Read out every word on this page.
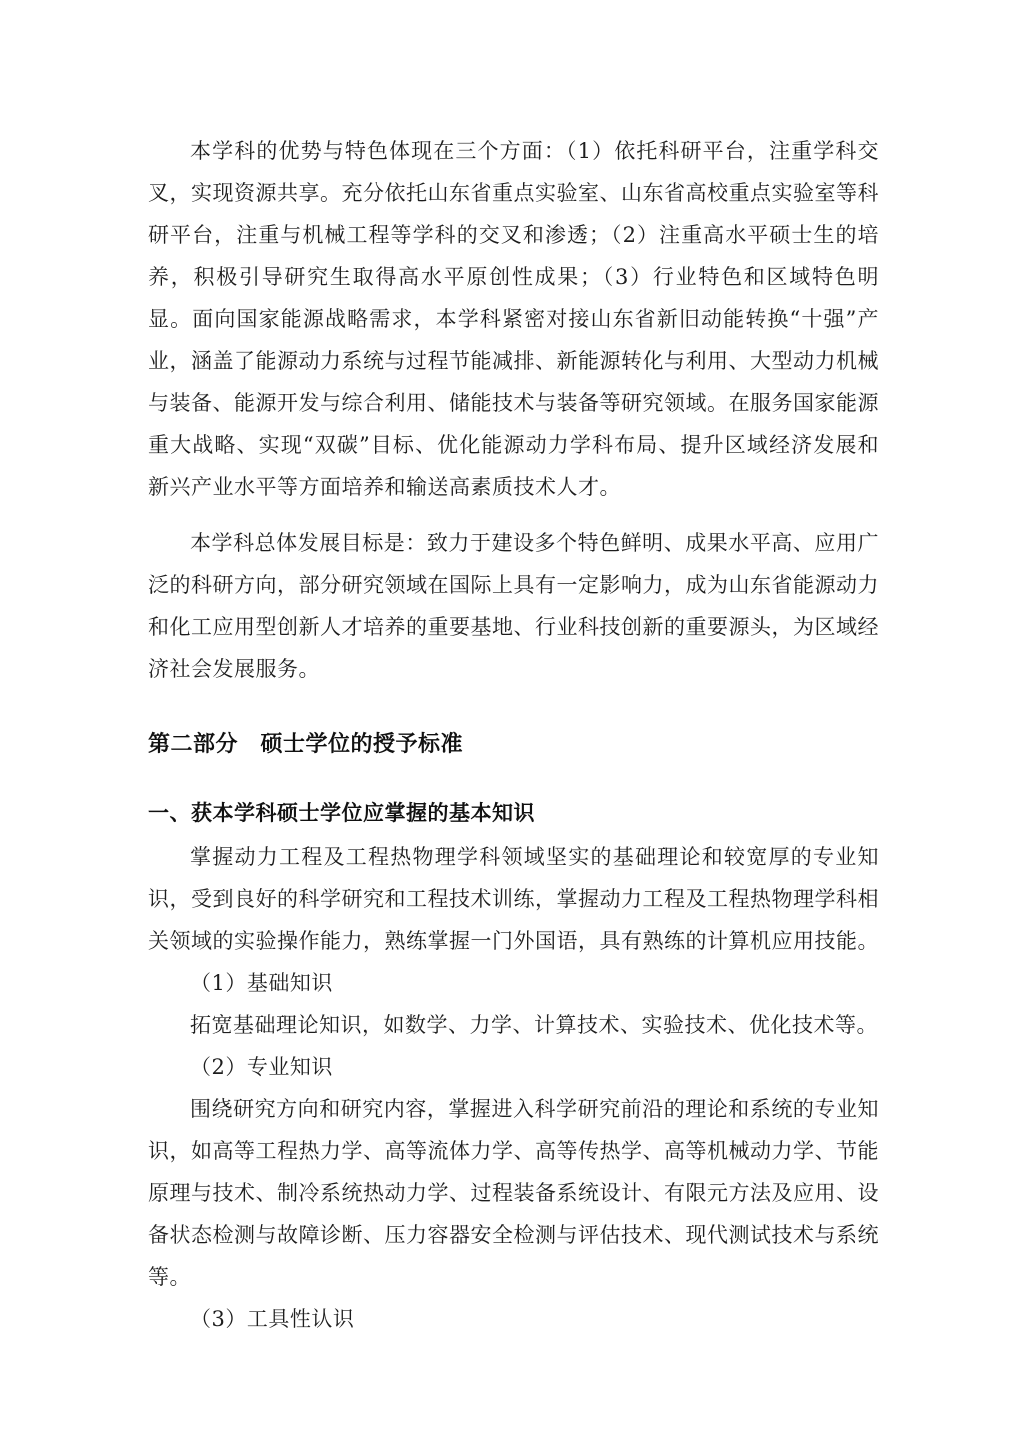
本学科的优势与特色体现在三个方面：（1）依托科研平台，注重学科交叉，实现资源共享。充分依托山东省重点实验室、山东省高校重点实验室等科研平台，注重与机械工程等学科的交叉和渗透；（2）注重高水平硕士生的培养，积极引导研究生取得高水平原创性成果；（3）行业特色和区域特色明显。面向国家能源战略需求，本学科紧密对接山东省新旧动能转换“十强”产业，涵盖了能源动力系统与过程节能减排、新能源转化与利用、大型动力机械与装备、能源开发与综合利用、储能技术与装备等研究领域。在服务国家能源重大战略、实现“双碳”目标、优化能源动力学科布局、提升区域经济发展和新兴产业水平等方面培养和输送高素质技术人才。

本学科总体发展目标是：致力于建设多个特色鲜明、成果水平高、应用广泛的科研方向，部分研究领域在国际上具有一定影响力，成为山东省能源动力和化工应用型创新人才培养的重要基地、行业科技创新的重要源头，为区域经济社会发展服务。

第二部分　硕士学位的授予标准
一、获本学科硕士学位应掌握的基本知识

掌握动力工程及工程热物理学科领域坚实的基础理论和较宽厚的专业知识，受到良好的科学研究和工程技术训练，掌握动力工程及工程热物理学科相关领域的实验操作能力，熟练掌握一门外国语，具有熟练的计算机应用技能。

（1）基础知识

拓宽基础理论知识，如数学、力学、计算技术、实验技术、优化技术等。

（2）专业知识

围绕研究方向和研究内容，掌握进入科学研究前沿的理论和系统的专业知识，如高等工程热力学、高等流体力学、高等传热学、高等机械动力学、节能原理与技术、制冷系统热动力学、过程装备系统设计、有限元方法及应用、设备状态检测与故障诊断、压力容器安全检测与评估技术、现代测试技术与系统等。

（3）工具性认识
